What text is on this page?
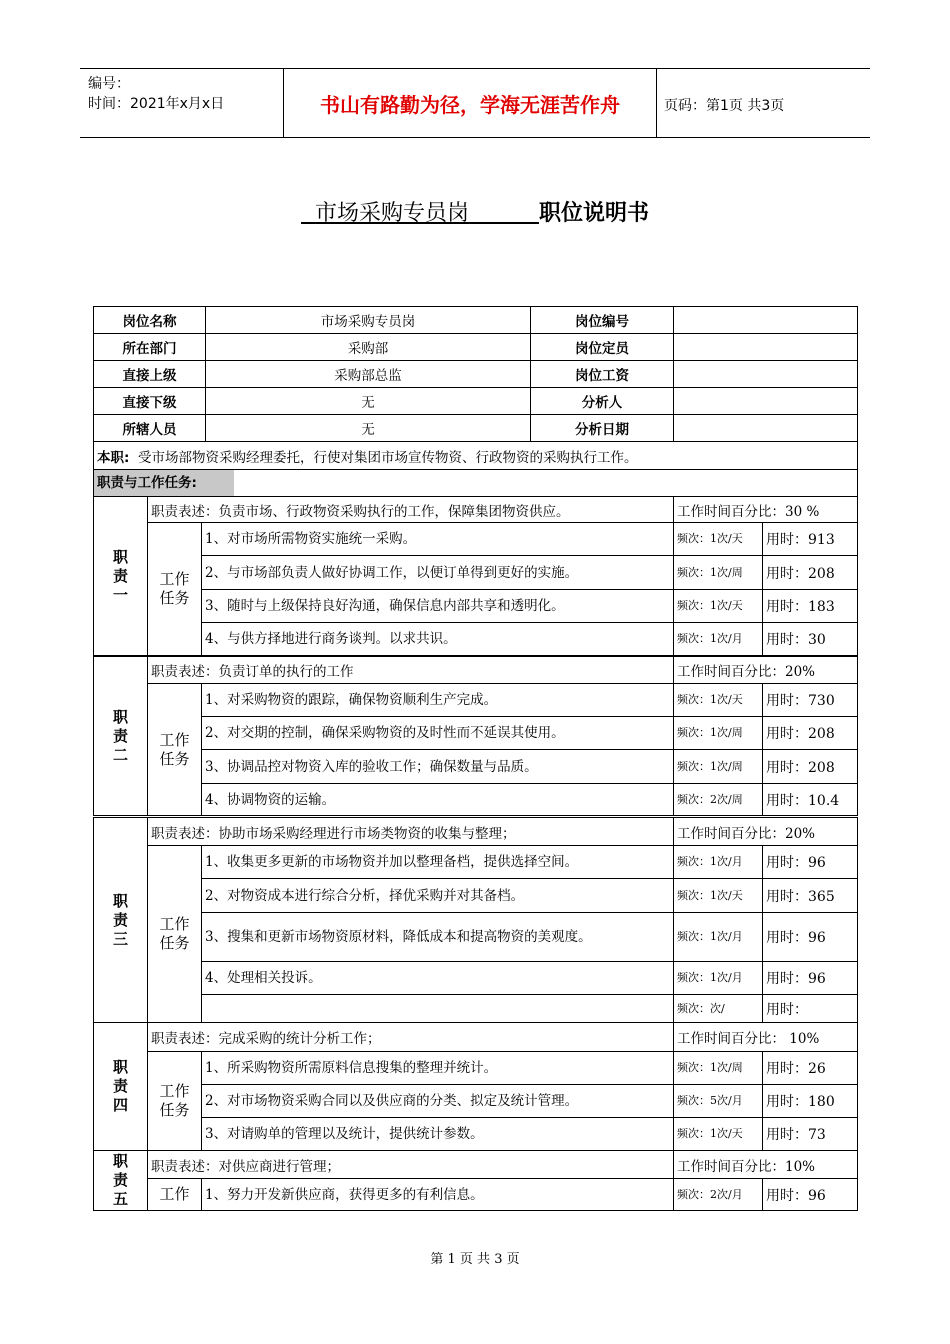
编号：
时间：2021年x月x日	书山有路勤为径，学海无涯苦作舟	页码：第1页 共3页
市场采购专员岗	职位说明书
岗位名称	市场采购专员岗	岗位编号	
所在部门	采购部	岗位定员	
直接上级	采购部总监	岗位工资	
直接下级	无	分析人	
所辖人员	无	分析日期	
本职: 受市场部物资采购经理委托，行使对集团市场宣传物资、行政物资的采购执行工作。			

职责与工作任务:			
职
责
一	职责表述：负责市场、行政物资采购执行的工作，保障集团物资供应。		工作时间百分比：30 %	
	工作任务	1、对市场所需物资实施统一采购。	频次：1次/天	用时：913
		2、与市场部负责人做好协调工作，以便订单得到更好的实施。	频次：1次/周	用时：208
		3、随时与上级保持良好沟通，确保信息内部共享和透明化。	频次：1次/天	用时：183
		4、与供方择地进行商务谈判。以求共识。	频次：1次/月	用时：30
职
责
二	职责表述：负责订单的执行的工作		工作时间百分比：20%	
	工作任务	1、对采购物资的跟踪，确保物资顺利生产完成。	频次：1次/天	用时：730
		2、对交期的控制，确保采购物资的及时性而不延误其使用。	频次：1次/周	用时：208
		3、协调品控对物资入库的验收工作；确保数量与品质。	频次：1次/周	用时：208
		4、协调物资的运输。	频次：2次/周	用时：10.4
职
责
三	职责表述：协助市场采购经理进行市场类物资的收集与整理；		工作时间百分比：20%	
	工作任务	1、收集更多更新的市场物资并加以整理备档，提供选择空间。	频次：1次/月	用时：96
		2、对物资成本进行综合分析，择优采购并对其备档。	频次：1次/天	用时：365
		3、搜集和更新市场物资原材料，降低成本和提高物资的美观度。	频次：1次/月	用时：96
		4、处理相关投诉。	频次：1次/月	用时：96
			频次：次/	用时：
职
责
四	职责表述：完成采购的统计分析工作；		工作时间百分比： 10%	
	工作任务	1、所采购物资所需原料信息搜集的整理并统计。	频次：1次/周	用时：26
		2、对市场物资采购合同以及供应商的分类、拟定及统计管理。	频次：5次/月	用时：180
		3、对请购单的管理以及统计，提供统计参数。	频次：1次/天	用时：73
职
责
五	职责表述：对供应商进行管理；		工作时间百分比：10%	
	工作	1、努力开发新供应商，获得更多的有利信息。	频次：2次/月	用时：96
第 1 页 共 3 页
